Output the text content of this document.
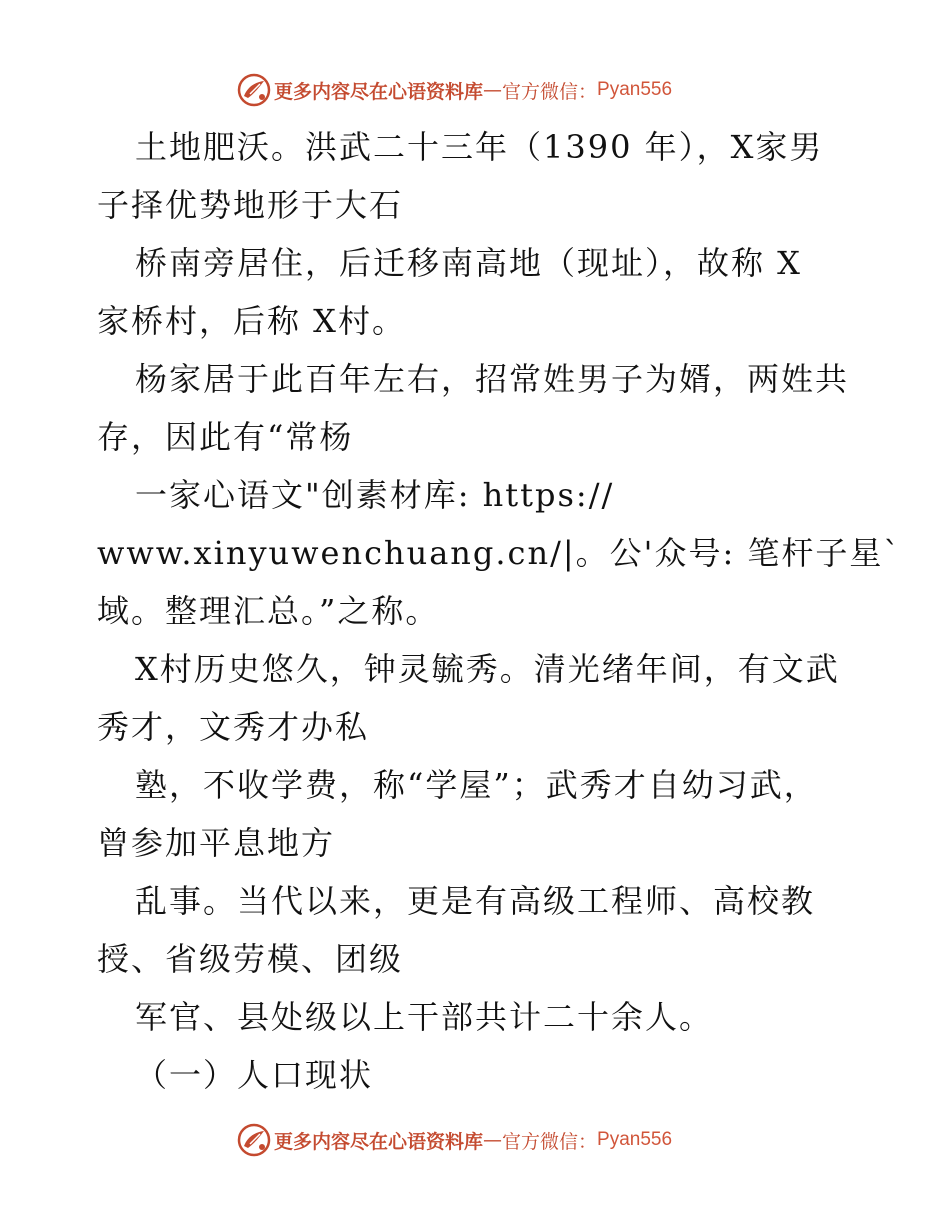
更多内容尽在心语资料库 — 官方微信： Pyan556
土地肥沃。洪武二十三年（1390 年），X家男
子择优势地形于大石
桥南旁居住，后迁移南高地（现址），故称 X
家桥村，后称 X村。
杨家居于此百年左右，招常姓男子为婿，两姓共
存，因此有“常杨
一家心语文"创素材库: https://
www.xinyuwenchuang.cn/|。公'众号: 笔杆子星`
域。整理汇总。”之称。
X村历史悠久，钟灵毓秀。清光绪年间，有文武
秀才，文秀才办私
塾，不收学费，称“学屋”；武秀才自幼习武，
曾参加平息地方
乱事。当代以来，更是有高级工程师、高校教
授、省级劳模、团级
军官、县处级以上干部共计二十余人。
（一）人口现状
更多内容尽在心语资料库 — 官方微信： Pyan556
